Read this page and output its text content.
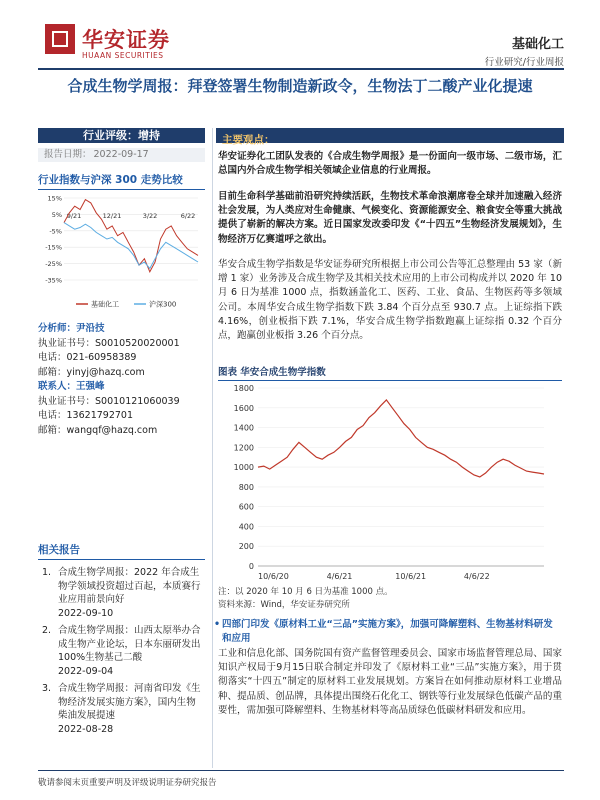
华安证券
HUAAN SECURITIES
基础化工
行业研究/行业周报
合成生物学周报：拜登签署生物制造新政令，生物法丁二酸产业化提速
行业评级：增持
报告日期： 2022-09-17
行业指数与沪深 300 走势比较
15%
5%
-5%
-15%
-25%
-35%
9/21	12/21	3/22	6/22
基础化工	沪深300
分析师：尹沿技
执业证书号：S0010520020001
电话：021-60958389
邮箱：yinyj@hazq.com
联系人：王强峰
执业证书号：S0010121060039
电话：13621792701
邮箱：wangqf@hazq.com
相关报告
1. 合成生物学周报：2022 年合成生物学领域投资超过百起，本质赛行业应用前景向好
2022-09-10
2. 合成生物学周报：山西太原举办合成生物产业论坛，日本东丽研发出 100%生物基己二酸
2022-09-04
3. 合成生物学周报：河南省印发《生物经济发展实施方案》，国内生物柴油发展提速
2022-08-28
主要观点：
华安证券化工团队发表的《合成生物学周报》是一份面向一级市场、二级市场，汇总国内外合成生物学相关领域企业信息的行业周报。
目前生命科学基础前沿研究持续活跃，生物技术革命浪潮席卷全球并加速融入经济社会发展，为人类应对生命健康、气候变化、资源能源安全、粮食安全等重大挑战提供了崭新的解决方案。近日国家发改委印发《“十四五”生物经济发展规划》，生物经济万亿赛道呼之欲出。
华安合成生物学指数是华安证券研究所根据上市公司公告等汇总整理由 53 家（新增 1 家）业务涉及合成生物学及其相关技术应用的上市公司构成并以 2020 年 10 月 6 日为基准 1000 点，指数涵盖化工、医药、工业、食品、生物医药等多领域公司。本周华安合成生物学指数下跌 3.84 个百分点至 930.7 点。上证综指下跌 4.16%，创业板指下跌 7.1%，华安合成生物学指数跑赢上证综指 0.32 个百分点，跑赢创业板指 3.26 个百分点。
图表 华安合成生物学指数
0
200
400
600
800
1000
1200
1400
1600
1800
10/6/20	4/6/21	10/6/21	4/6/22
注：以 2020 年 10 月 6 日为基准 1000 点。
资料来源：Wind，华安证券研究所
• 四部门印发《原材料工业“三品”实施方案》，加强可降解塑料、生物基材料研发和应用
工业和信息化部、国务院国有资产监督管理委员会、国家市场监督管理总局、国家知识产权局于9月15日联合制定并印发了《原材料工业“三品”实施方案》，用于贯彻落实“十四五”制定的原材料工业发展规划。方案旨在如何推动原材料工业增品种、提品质、创品牌，具体提出围绕石化化工、钢铁等行业发展绿色低碳产品的重要性，需加强可降解塑料、生物基材料等高品质绿色低碳材料研发和应用。
敬请参阅末页重要声明及评级说明证券研究报告
